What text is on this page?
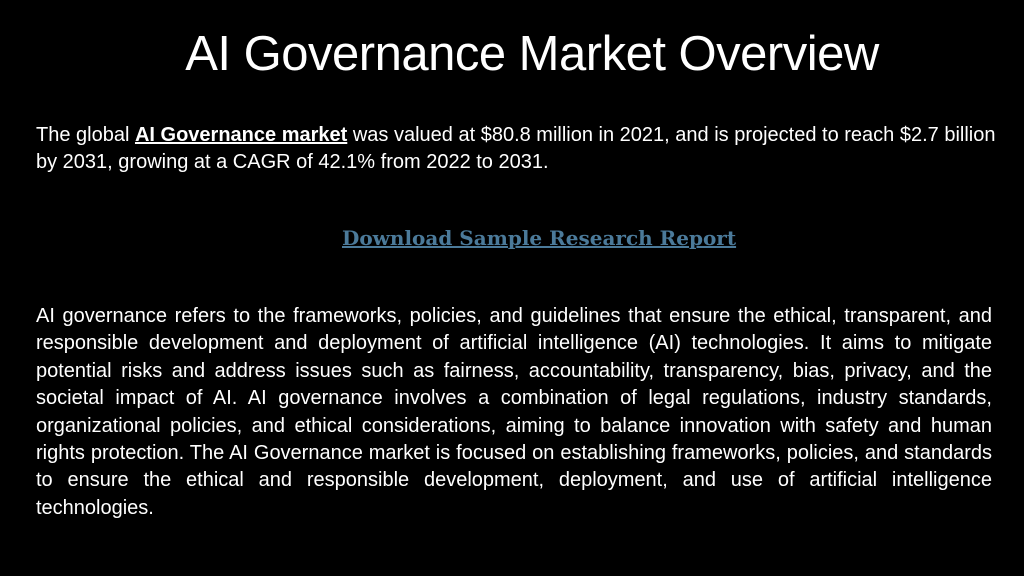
AI Governance Market Overview
The global AI Governance market was valued at $80.8 million in 2021, and is projected to reach $2.7 billion by 2031, growing at a CAGR of 42.1% from 2022 to 2031.
Download Sample Research Report
AI governance refers to the frameworks, policies, and guidelines that ensure the ethical, transparent, and responsible development and deployment of artificial intelligence (AI) technologies. It aims to mitigate potential risks and address issues such as fairness, accountability, transparency, bias, privacy, and the societal impact of AI. AI governance involves a combination of legal regulations, industry standards, organizational policies, and ethical considerations, aiming to balance innovation with safety and human rights protection. The AI Governance market is focused on establishing frameworks, policies, and standards to ensure the ethical and responsible development, deployment, and use of artificial intelligence technologies.
